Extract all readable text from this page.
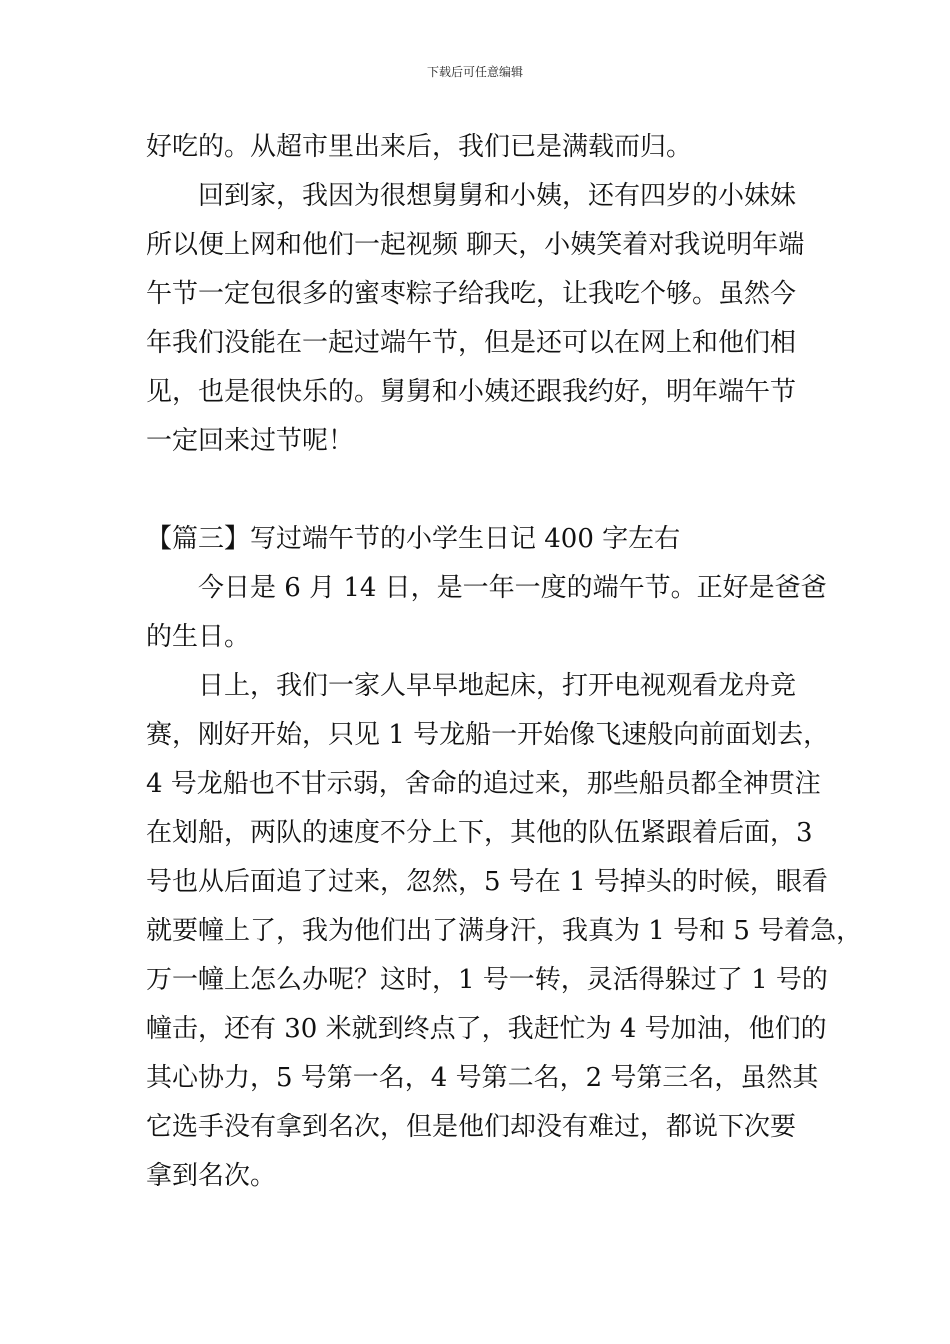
下载后可任意编辑
好吃的。从超市里出来后，我们已是满载而归。
回到家，我因为很想舅舅和小姨，还有四岁的小妹妹
所以便上网和他们一起视频 聊天，小姨笑着对我说明年端
午节一定包很多的蜜枣粽子给我吃，让我吃个够。虽然今
年我们没能在一起过端午节，但是还可以在网上和他们相
见，也是很快乐的。舅舅和小姨还跟我约好，明年端午节
一定回来过节呢！
【篇三】写过端午节的小学生日记 400 字左右
今日是 6 月 14 日，是一年一度的端午节。正好是爸爸
的生日。
日上，我们一家人早早地起床，打开电视观看龙舟竞
赛，刚好开始，只见 1 号龙船一开始像飞速般向前面划去，
4 号龙船也不甘示弱，舍命的追过来，那些船员都全神贯注
在划船，两队的速度不分上下，其他的队伍紧跟着后面，3
号也从后面追了过来，忽然，5 号在 1 号掉头的时候，眼看
就要幢上了，我为他们出了满身汗，我真为 1 号和 5 号着急，
万一幢上怎么办呢？这时，1 号一转，灵活得躲过了 1 号的
幢击，还有 30 米就到终点了，我赶忙为 4 号加油，他们的
其心协力，5 号第一名，4 号第二名，2 号第三名，虽然其
它选手没有拿到名次，但是他们却没有难过，都说下次要
拿到名次。
